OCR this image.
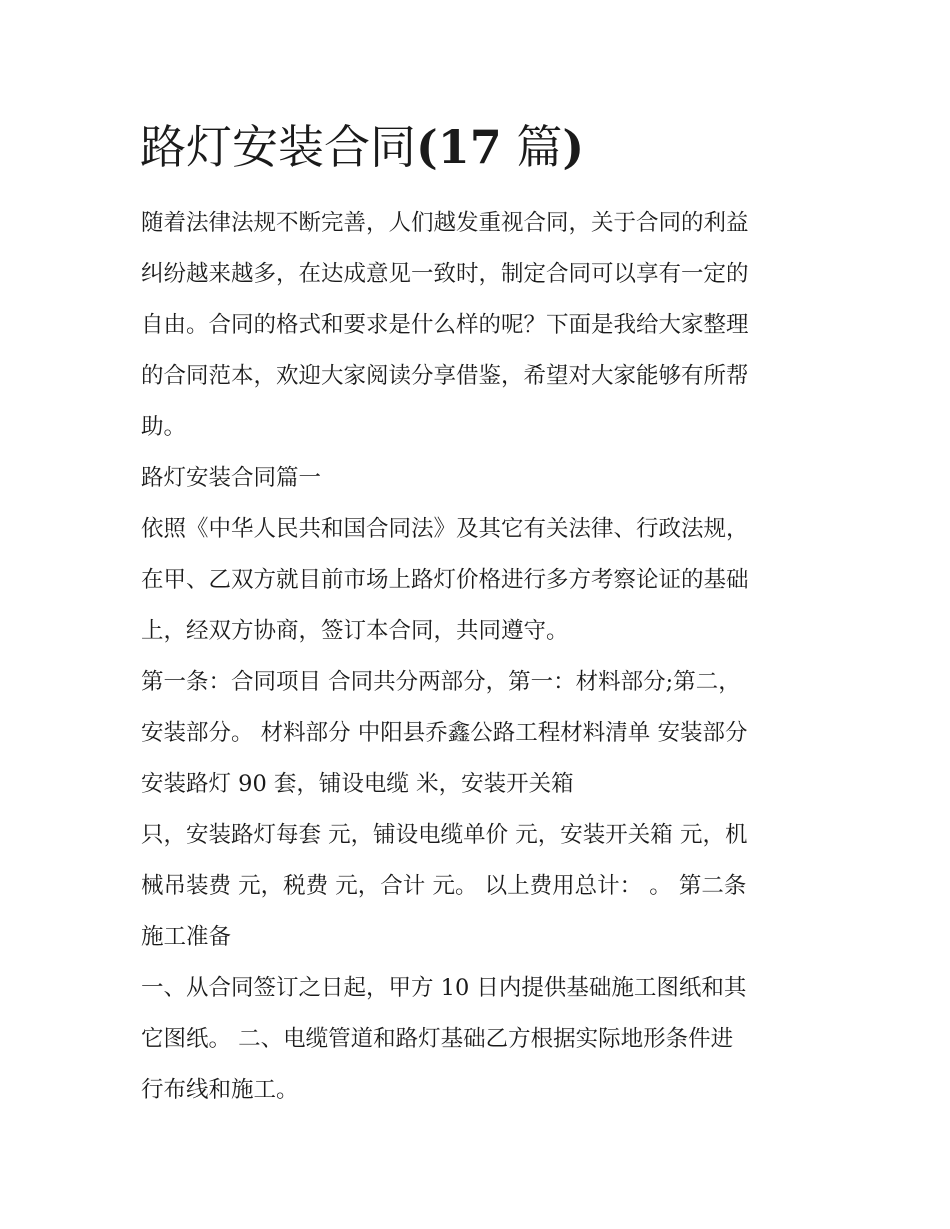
路灯安装合同(17 篇)

随着法律法规不断完善，人们越发重视合同，关于合同的利益

纠纷越来越多，在达成意见一致时，制定合同可以享有一定的

自由。合同的格式和要求是什么样的呢？下面是我给大家整理

的合同范本，欢迎大家阅读分享借鉴，希望对大家能够有所帮

助。

路灯安装合同篇一

依照《中华人民共和国合同法》及其它有关法律、行政法规，

在甲、乙双方就目前市场上路灯价格进行多方考察论证的基础

上，经双方协商，签订本合同，共同遵守。

第一条：合同项目 合同共分两部分，第一：材料部分;第二，

安装部分。 材料部分 中阳县乔鑫公路工程材料清单 安装部分

安装路灯 90 套，铺设电缆 米，安装开关箱

只，安装路灯每套 元，铺设电缆单价 元，安装开关箱 元，机

械吊装费 元，税费 元，合计 元。 以上费用总计： 。 第二条

施工准备

一、从合同签订之日起，甲方 10 日内提供基础施工图纸和其

它图纸。 二、电缆管道和路灯基础乙方根据实际地形条件进

行布线和施工。
